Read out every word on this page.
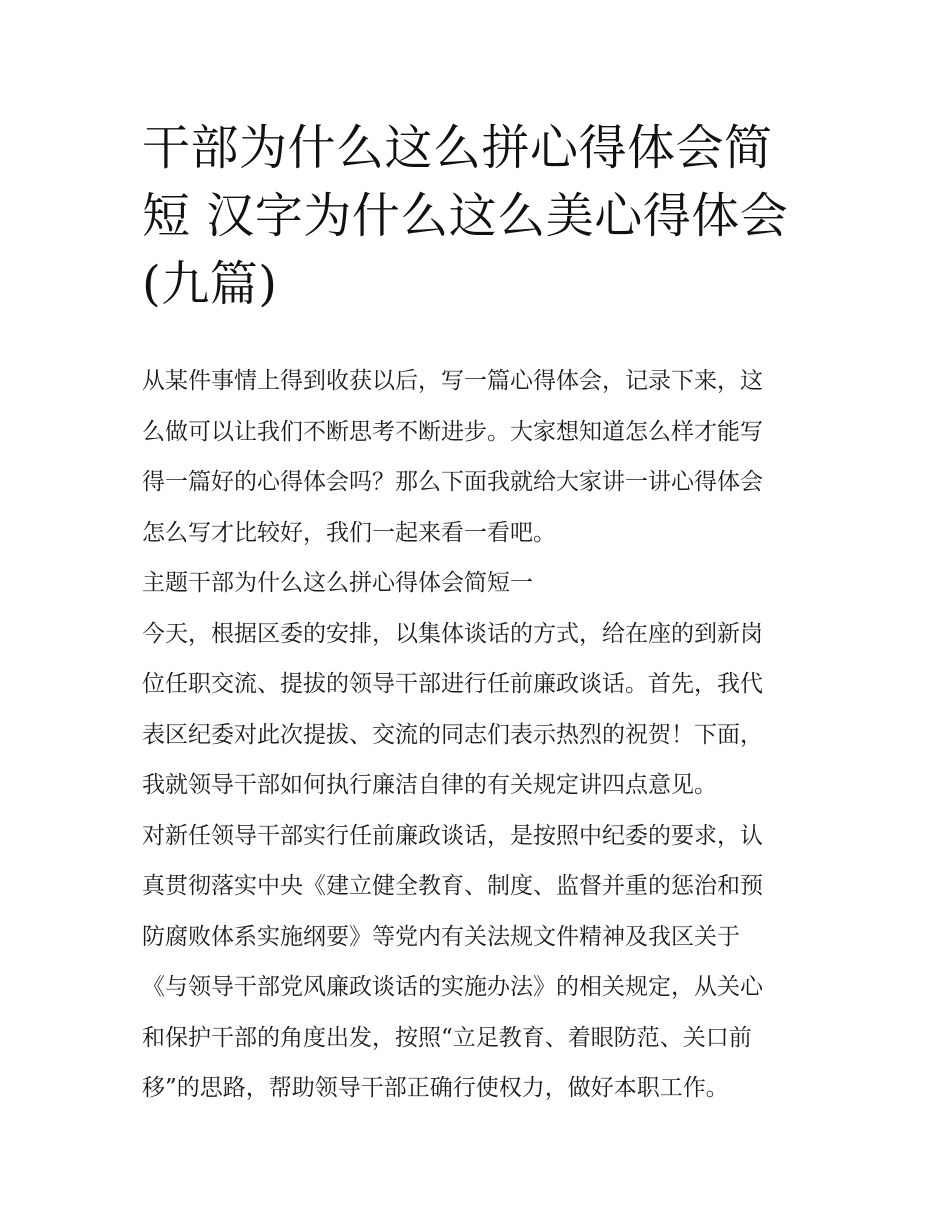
干部为什么这么拼心得体会简
短 汉字为什么这么美心得体会
(九篇)
从某件事情上得到收获以后，写一篇心得体会，记录下来，这
么做可以让我们不断思考不断进步。大家想知道怎么样才能写
得一篇好的心得体会吗？那么下面我就给大家讲一讲心得体会
怎么写才比较好，我们一起来看一看吧。
主题干部为什么这么拼心得体会简短一
今天，根据区委的安排，以集体谈话的方式，给在座的到新岗
位任职交流、提拔的领导干部进行任前廉政谈话。首先，我代
表区纪委对此次提拔、交流的同志们表示热烈的祝贺！下面，
我就领导干部如何执行廉洁自律的有关规定讲四点意见。
对新任领导干部实行任前廉政谈话，是按照中纪委的要求，认
真贯彻落实中央《建立健全教育、制度、监督并重的惩治和预
防腐败体系实施纲要》等党内有关法规文件精神及我区关于
《与领导干部党风廉政谈话的实施办法》的相关规定，从关心
和保护干部的角度出发，按照“立足教育、着眼防范、关口前
移”的思路，帮助领导干部正确行使权力，做好本职工作。
